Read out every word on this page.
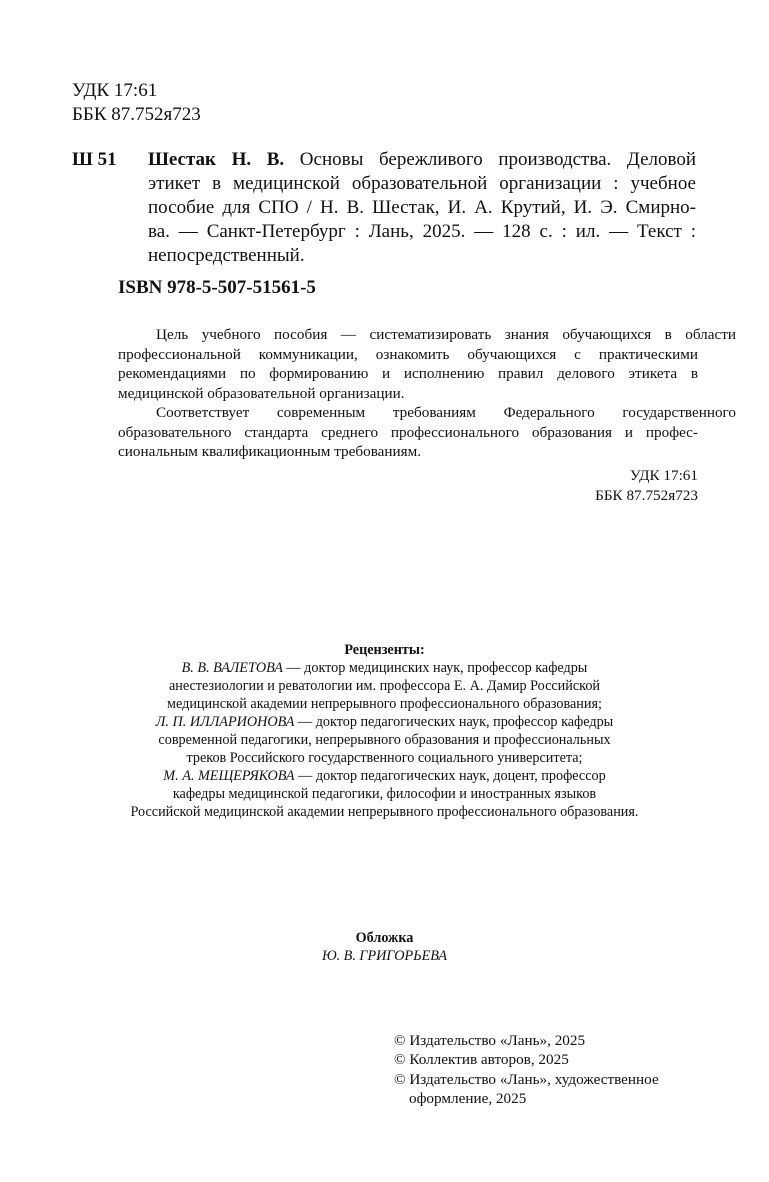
УДК 17:61
ББК 87.752я723
Ш 51 Шестак Н. В. Основы бережливого производства. Деловой
этикет в медицинской образовательной организации : учебное
пособие для СПО / Н. В. Шестак, И. А. Крутий, И. Э. Смирно-
ва. — Санкт-Петербург : Лань, 2025. — 128 с. : ил. — Текст :
непосредственный.
ISBN 978-5-507-51561-5
Цель учебного пособия — систематизировать знания обучающихся в области
профессиональной коммуникации, ознакомить обучающихся с практическими
рекомендациями по формированию и исполнению правил делового этикета в
медицинской образовательной организации.
Соответствует современным требованиям Федерального государственного
образовательного стандарта среднего профессионального образования и профес-
сиональным квалификационным требованиям.
УДК 17:61
ББК 87.752я723
Рецензенты:
В. В. ВАЛЕТОВА — доктор медицинских наук, профессор кафедры
анестезиологии и реватологии им. профессора Е. А. Дамир Российской
медицинской академии непрерывного профессионального образования;
Л. П. ИЛЛАРИОНОВА — доктор педагогических наук, профессор кафедры
современной педагогики, непрерывного образования и профессиональных
треков Российского государственного социального университета;
М. А. МЕЩЕРЯКОВА — доктор педагогических наук, доцент, профессор
кафедры медицинской педагогики, философии и иностранных языков
Российской медицинской академии непрерывного профессионального образования.
Обложка
Ю. В. ГРИГОРЬЕВА
© Издательство «Лань», 2025
© Коллектив авторов, 2025
© Издательство «Лань», художественное
оформление, 2025
